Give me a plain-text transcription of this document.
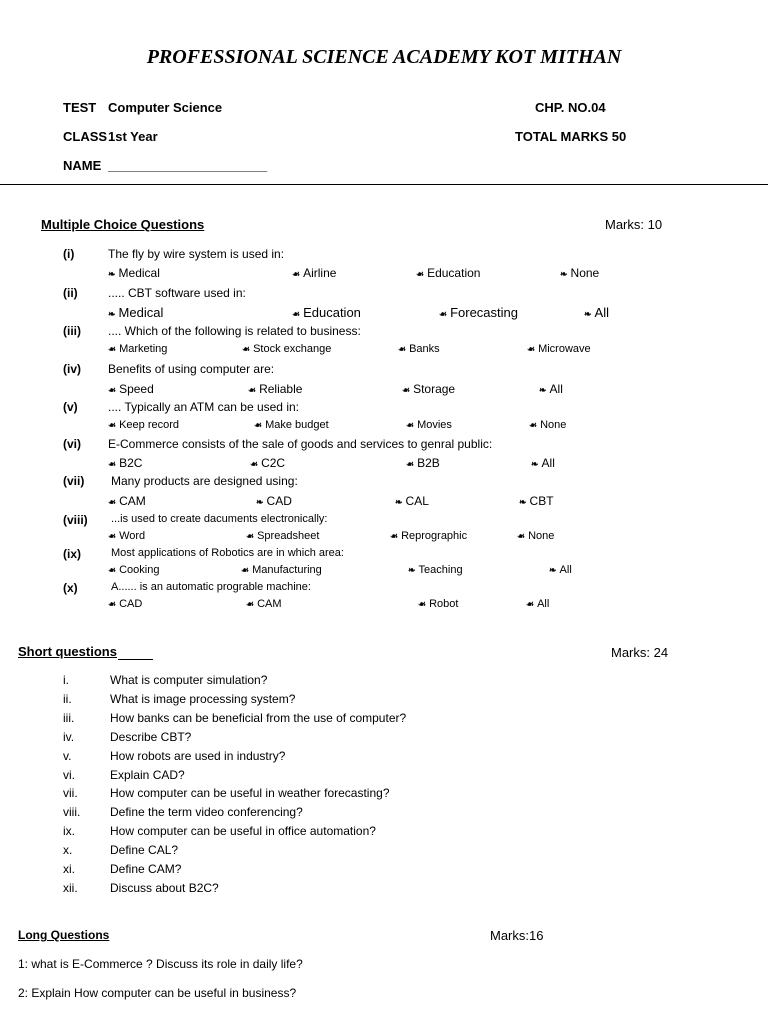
PROFESSIONAL SCIENCE ACADEMY KOT MITHAN
TEST Computer Science	CHP. NO.04
CLASS 1st Year	TOTAL MARKS 50
NAME ______________________
Multiple Choice Questions	Marks: 10
(i)	The fly by wire system is used in:
❧ Medical	☙ Airline	☙ Education	❧ None
(ii)	..... CBT software used in:
❧ Medical	☙ Education	☙ Forecasting	❧ All
(iii) .... Which of the following is related to business:
☙ Marketing	☙ Stock exchange	☙ Banks	☙ Microwave
(iv) Benefits of using computer are:
☙ Speed	☙ Reliable	☙ Storage	❧ All
(v)	.... Typically an ATM can be used in:
☙ Keep record	☙ Make budget	☙ Movies	☙ None
(vi) E-Commerce consists of the sale of goods and services to genral public:
☙ B2C	☙ C2C	☙ B2B	❧ All
(vii) Many products are designed using:
☙ CAM	❧ CAD	❧ CAL	❧ CBT
(viii) ...is used to create dacuments electronically:
☙ Word	☙ Spreadsheet	☙ Reprographic	☙ None
(ix)	Most applications of Robotics are in which area:
☙ Cooking	☙ Manufacturing	❧ Teaching	❧ All
(x)	A...... is an automatic prograble machine:
☙ CAD	☙ CAM	☙ Robot	☙ All
Short questions	Marks: 24
i.	What is computer simulation?
ii.	What is image processing system?
iii.	How banks can be beneficial from the use of computer?
iv.	Describe CBT?
v.	How robots are used in industry?
vi.	Explain CAD?
vii.	How computer can be useful in weather forecasting?
viii. Define the term video conferencing?
ix.	How computer can be useful in office automation?
x.	Define CAL?
xi.	Define CAM?
xii.	Discuss about B2C?
Long Questions	Marks:16
1: what is E-Commerce ? Discuss its role in daily life?
2: Explain How computer can be useful in business?
